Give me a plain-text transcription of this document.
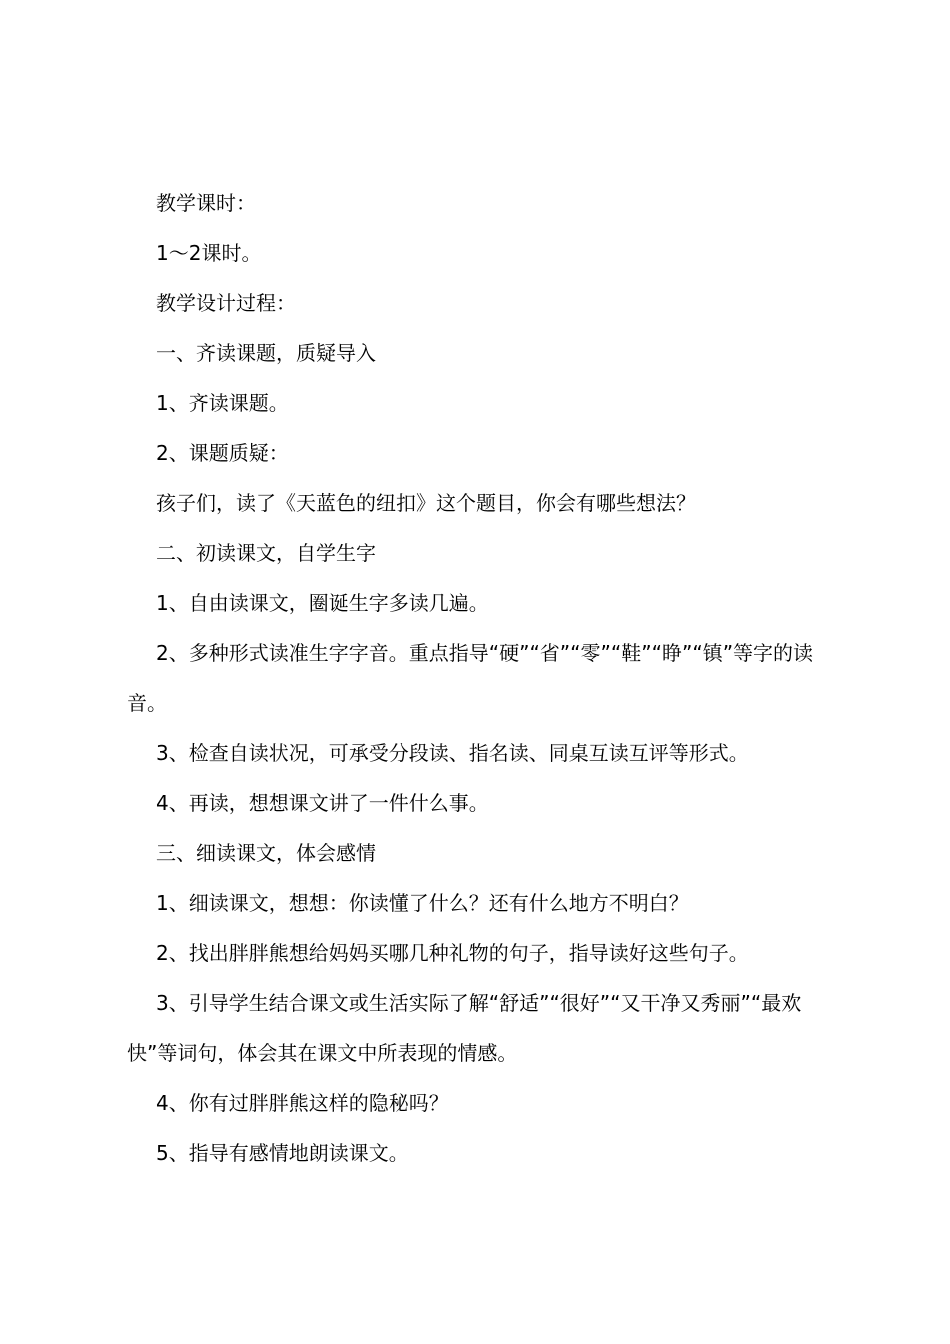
教学课时：

1～2课时。

教学设计过程：

一、齐读课题，质疑导入

1、齐读课题。

2、课题质疑：

孩子们，读了《天蓝色的纽扣》这个题目，你会有哪些想法？

二、初读课文，自学生字

1、自由读课文，圈诞生字多读几遍。

2、多种形式读准生字字音。重点指导“硬”“省”“零”“鞋”“睁”“镇”等字的读音。

3、检查自读状况，可承受分段读、指名读、同桌互读互评等形式。

4、再读，想想课文讲了一件什么事。

三、细读课文，体会感情

1、细读课文，想想：你读懂了什么？还有什么地方不明白？

2、找出胖胖熊想给妈妈买哪几种礼物的句子，指导读好这些句子。

3、引导学生结合课文或生活实际了解“舒适”“很好”“又干净又秀丽”“最欢快”等词句，体会其在课文中所表现的情感。

4、你有过胖胖熊这样的隐秘吗？

5、指导有感情地朗读课文。
